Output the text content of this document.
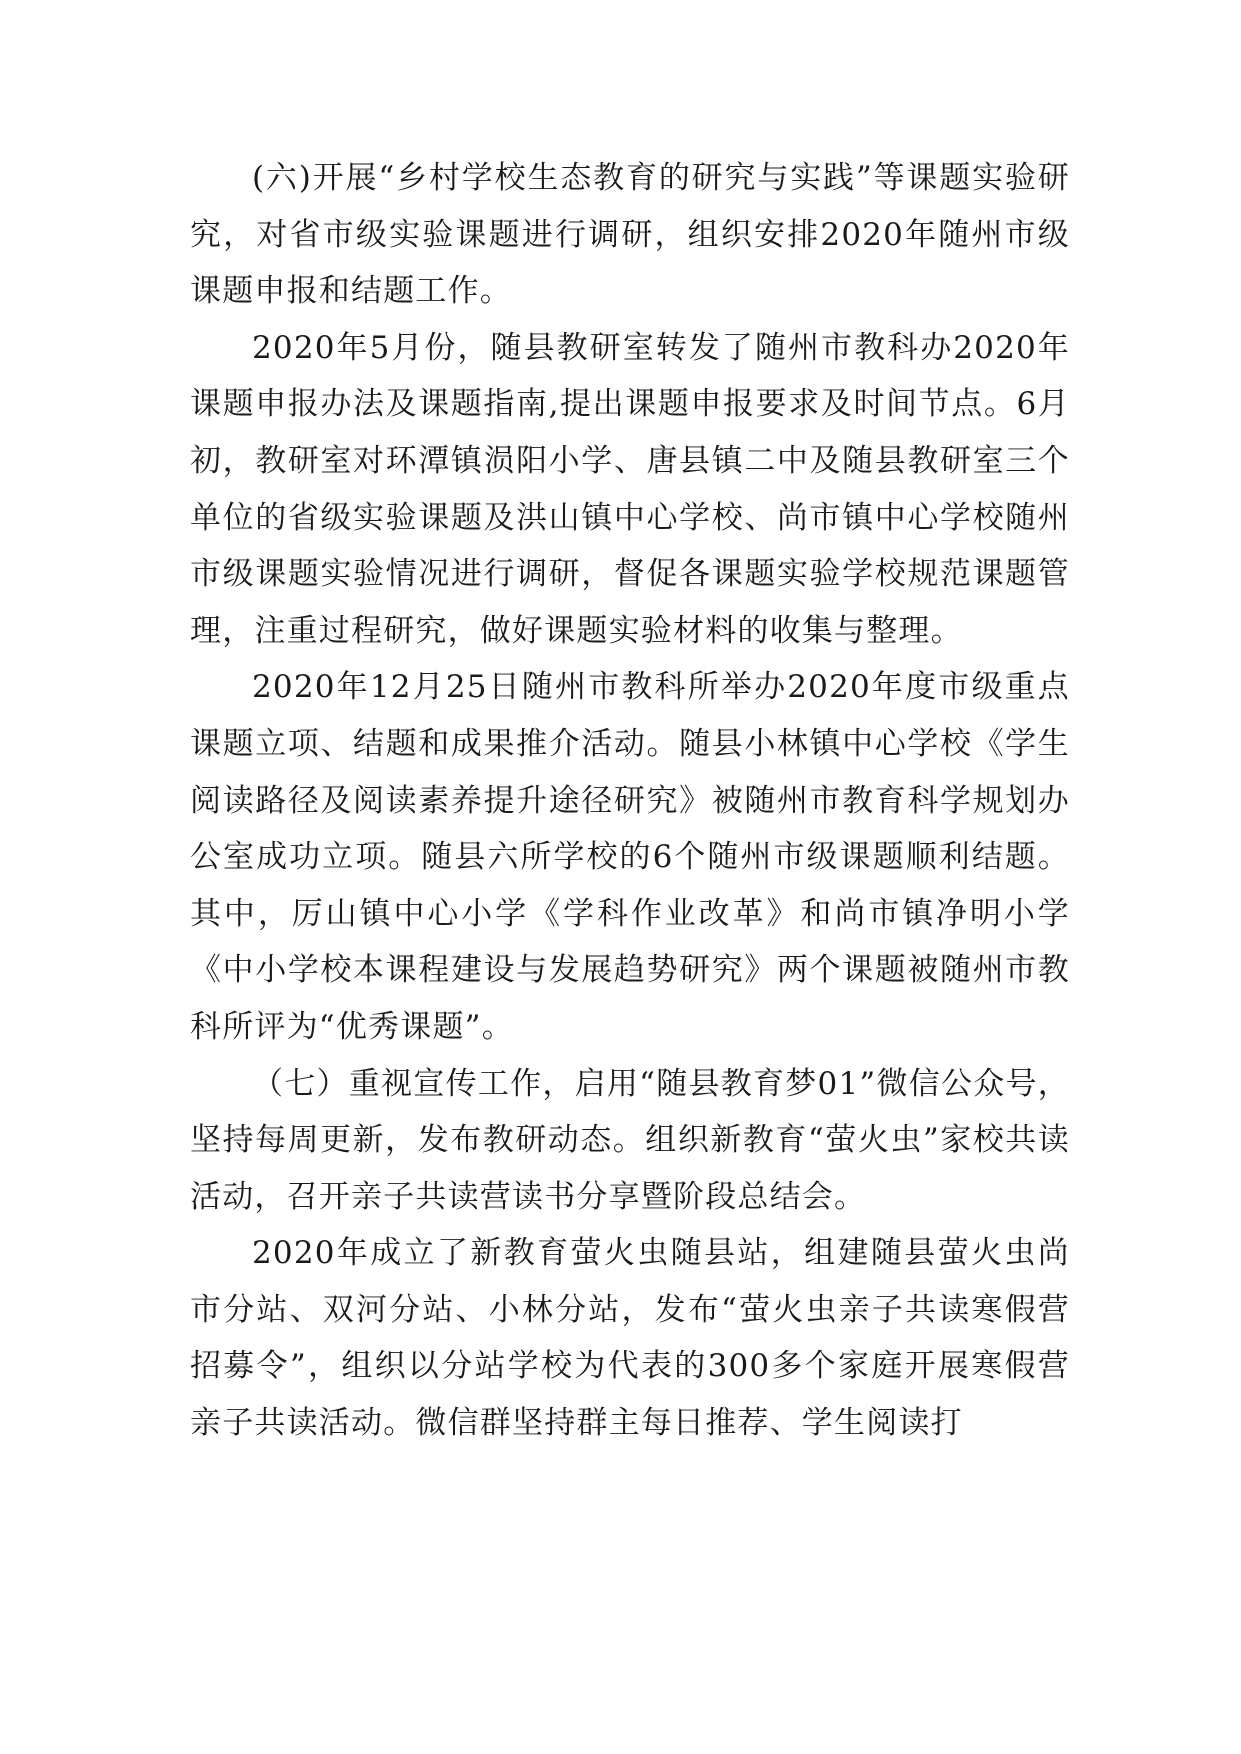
(六)开展“乡村学校生态教育的研究与实践”等课题实验研究，对省市级实验课题进行调研，组织安排2020年随州市级课题申报和结题工作。

2020年5月份，随县教研室转发了随州市教科办2020年课题申报办法及课题指南,提出课题申报要求及时间节点。6月初，教研室对环潭镇涢阳小学、唐县镇二中及随县教研室三个单位的省级实验课题及洪山镇中心学校、尚市镇中心学校随州市级课题实验情况进行调研，督促各课题实验学校规范课题管理，注重过程研究，做好课题实验材料的收集与整理。

2020年12月25日随州市教科所举办2020年度市级重点课题立项、结题和成果推介活动。随县小林镇中心学校《学生阅读路径及阅读素养提升途径研究》被随州市教育科学规划办公室成功立项。随县六所学校的6个随州市级课题顺利结题。其中，厉山镇中心小学《学科作业改革》和尚市镇净明小学《中小学校本课程建设与发展趋势研究》两个课题被随州市教科所评为“优秀课题”。

（七）重视宣传工作，启用“随县教育梦01”微信公众号，坚持每周更新，发布教研动态。组织新教育“萤火虫”家校共读活动，召开亲子共读营读书分享暨阶段总结会。

2020年成立了新教育萤火虫随县站，组建随县萤火虫尚市分站、双河分站、小林分站，发布“萤火虫亲子共读寒假营招募令”，组织以分站学校为代表的300多个家庭开展寒假营亲子共读活动。微信群坚持群主每日推荐、学生阅读打
